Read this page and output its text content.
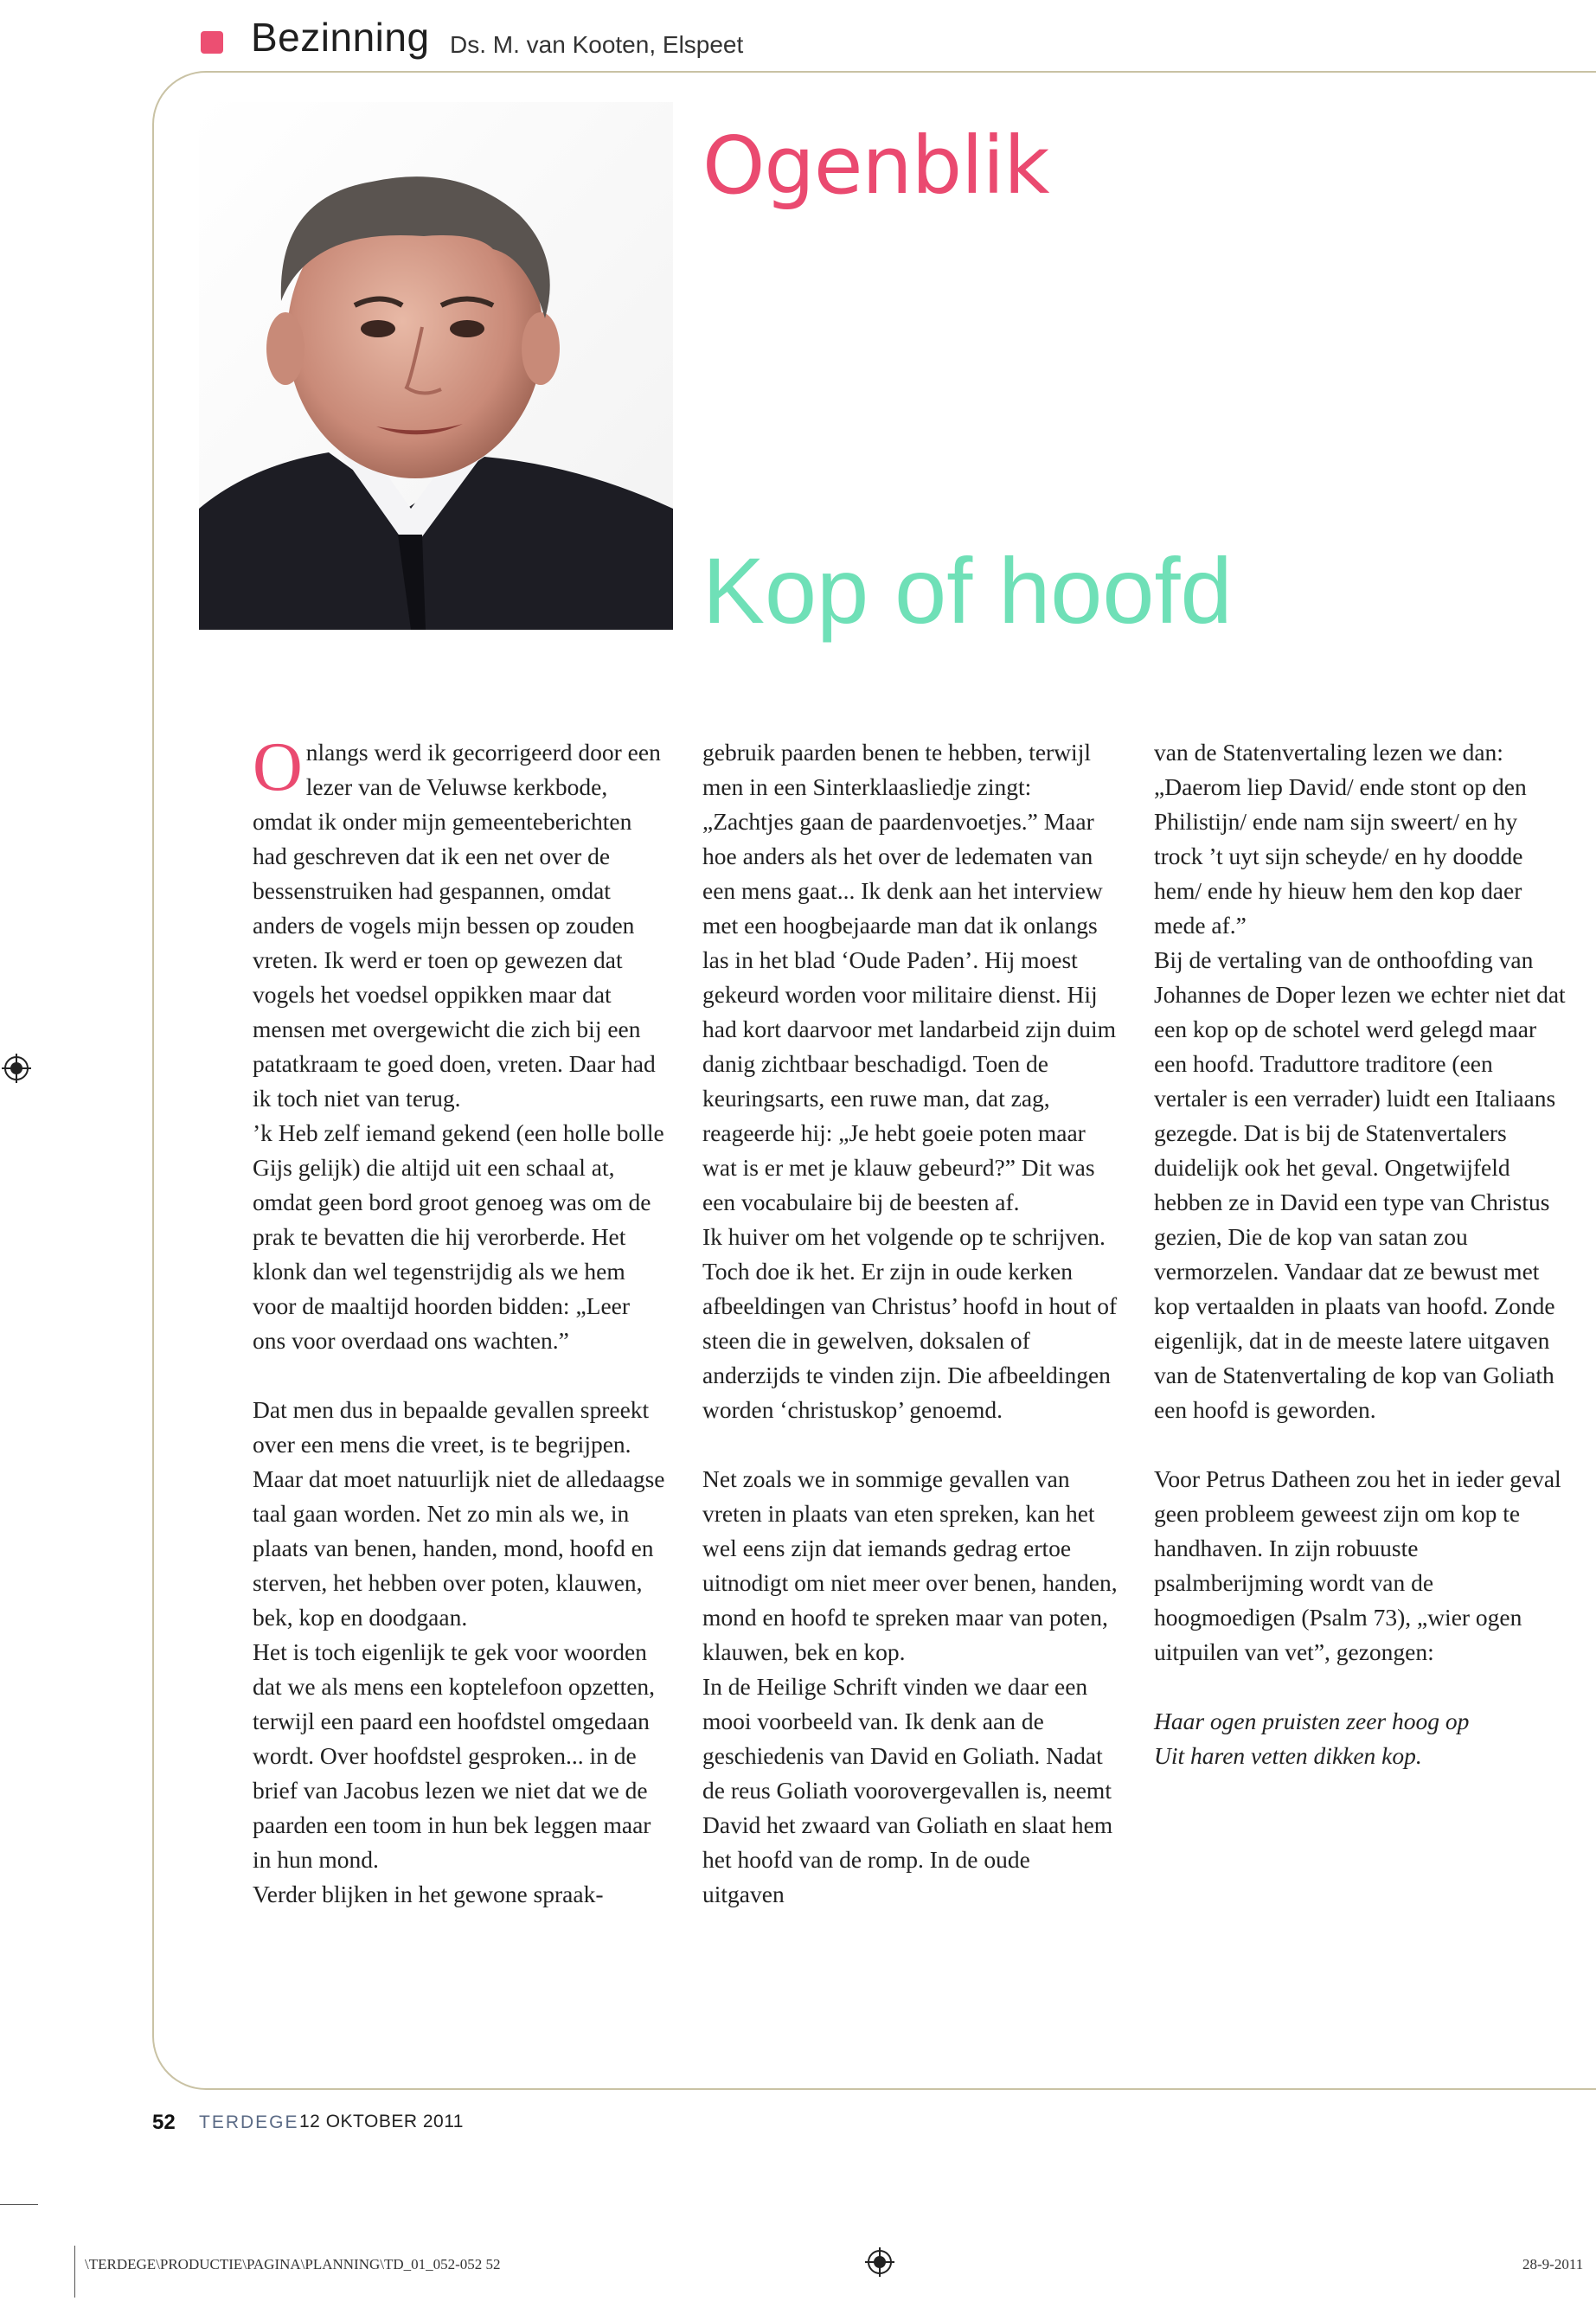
Bezinning Ds. M. van Kooten, Elspeet
Ogenblik
Kop of hoofd

Onlangs werd ik gecorrigeerd door een lezer van de Veluwse kerkbode, omdat ik onder mijn gemeenteberichten had geschreven dat ik een net over de bessenstruiken had gespannen, omdat anders de vogels mijn bessen op zouden vreten. Ik werd er toen op gewezen dat vogels het voedsel oppikken maar dat mensen met overgewicht die zich bij een patatkraam te goed doen, vreten. Daar had ik toch niet van terug.

’k Heb zelf iemand gekend (een holle bolle Gijs gelijk) die altijd uit een schaal at, omdat geen bord groot genoeg was om de prak te bevatten die hij verorberde. Het klonk dan wel tegenstrijdig als we hem voor de maaltijd hoorden bidden: „Leer ons voor overdaad ons wachten.”

Dat men dus in bepaalde gevallen spreekt over een mens die vreet, is te begrijpen. Maar dat moet natuurlijk niet de alledaagse taal gaan worden. Net zo min als we, in plaats van benen, handen, mond, hoofd en sterven, het hebben over poten, klauwen, bek, kop en doodgaan.

Het is toch eigenlijk te gek voor woorden dat we als mens een koptelefoon opzetten, terwijl een paard een hoofdstel omgedaan wordt. Over hoofdstel gesproken... in de brief van Jacobus lezen we niet dat we de paarden een toom in hun bek leggen maar in hun mond.

Verder blijken in het gewone spraak-

gebruik paarden benen te hebben, terwijl men in een Sinterklaasliedje zingt: „Zachtjes gaan de paardenvoetjes.” Maar hoe anders als het over de ledematen van een mens gaat... Ik denk aan het interview met een hoogbejaarde man dat ik onlangs las in het blad ‘Oude Paden’. Hij moest gekeurd worden voor militaire dienst. Hij had kort daarvoor met landarbeid zijn duim danig zichtbaar beschadigd. Toen de keuringsarts, een ruwe man, dat zag, reageerde hij: „Je hebt goeie poten maar wat is er met je klauw gebeurd?” Dit was een vocabulaire bij de beesten af.

Ik huiver om het volgende op te schrijven. Toch doe ik het. Er zijn in oude kerken afbeeldingen van Christus’ hoofd in hout of steen die in gewelven, doksalen of anderzijds te vinden zijn. Die afbeeldingen worden ‘christuskop’ genoemd.

Net zoals we in sommige gevallen van vreten in plaats van eten spreken, kan het wel eens zijn dat iemands gedrag ertoe uitnodigt om niet meer over benen, handen, mond en hoofd te spreken maar van poten, klauwen, bek en kop.

In de Heilige Schrift vinden we daar een mooi voorbeeld van. Ik denk aan de geschiedenis van David en Goliath. Nadat de reus Goliath voorovergevallen is, neemt David het zwaard van Goliath en slaat hem het hoofd van de romp. In de oude uitgaven

van de Statenvertaling lezen we dan: „Daerom liep David/ ende stont op den Philistijn/ ende nam sijn sweert/ en hy trock ’t uyt sijn scheyde/ en hy doodde hem/ ende hy hieuw hem den kop daer mede af.”

Bij de vertaling van de onthoofding van Johannes de Doper lezen we echter niet dat een kop op de schotel werd gelegd maar een hoofd. Traduttore traditore (een vertaler is een verrader) luidt een Italiaans gezegde. Dat is bij de Statenvertalers duidelijk ook het geval. Ongetwijfeld hebben ze in David een type van Christus gezien, Die de kop van satan zou vermorzelen. Vandaar dat ze bewust met kop vertaalden in plaats van hoofd. Zonde eigenlijk, dat in de meeste latere uitgaven van de Statenvertaling de kop van Goliath een hoofd is geworden.

Voor Petrus Datheen zou het in ieder geval geen probleem geweest zijn om kop te handhaven. In zijn robuuste psalmberijming wordt van de hoogmoedigen (Psalm 73), „wier ogen uitpuilen van vet”, gezongen:

Haar ogen pruisten zeer hoog op
Uit haren vetten dikken kop.
52 TERDEGE 12 OKTOBER 2011
\TERDEGE\PRODUCTIE\PAGINA\PLANNING\TD_01_052-052 52	28-9-2011
